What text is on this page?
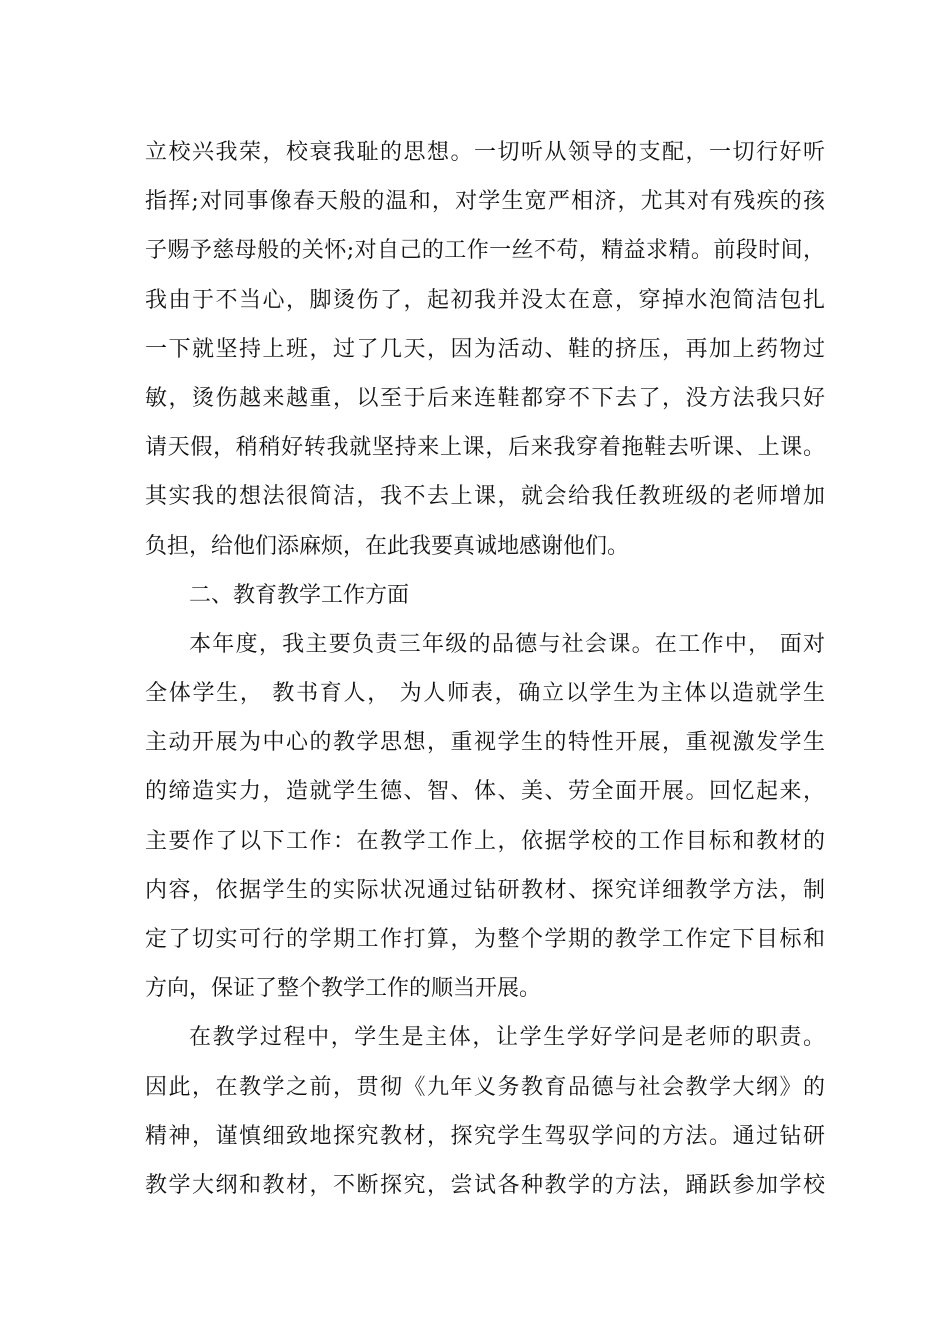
立校兴我荣，校衰我耻的思想。一切听从领导的支配，一切行好听
指挥;对同事像春天般的温和，对学生宽严相济，尤其对有残疾的孩
子赐予慈母般的关怀;对自己的工作一丝不苟，精益求精。前段时间，
我由于不当心，脚烫伤了，起初我并没太在意，穿掉水泡简洁包扎
一下就坚持上班，过了几天，因为活动、鞋的挤压，再加上药物过
敏，烫伤越来越重，以至于后来连鞋都穿不下去了，没方法我只好
请天假，稍稍好转我就坚持来上课，后来我穿着拖鞋去听课、上课。
其实我的想法很简洁，我不去上课，就会给我任教班级的老师增加
负担，给他们添麻烦，在此我要真诚地感谢他们。
二、教育教学工作方面
本年度，我主要负责三年级的品德与社会课。在工作中， 面对
全体学生， 教书育人， 为人师表，确立以学生为主体以造就学生
主动开展为中心的教学思想，重视学生的特性开展，重视激发学生
的缔造实力，造就学生德、智、体、美、劳全面开展。回忆起来，
主要作了以下工作：在教学工作上，依据学校的工作目标和教材的
内容，依据学生的实际状况通过钻研教材、探究详细教学方法，制
定了切实可行的学期工作打算，为整个学期的教学工作定下目标和
方向，保证了整个教学工作的顺当开展。
在教学过程中，学生是主体，让学生学好学问是老师的职责。
因此，在教学之前，贯彻《九年义务教育品德与社会教学大纲》的
精神，谨慎细致地探究教材，探究学生驾驭学问的方法。通过钻研
教学大纲和教材，不断探究，尝试各种教学的方法，踊跃参加学校
